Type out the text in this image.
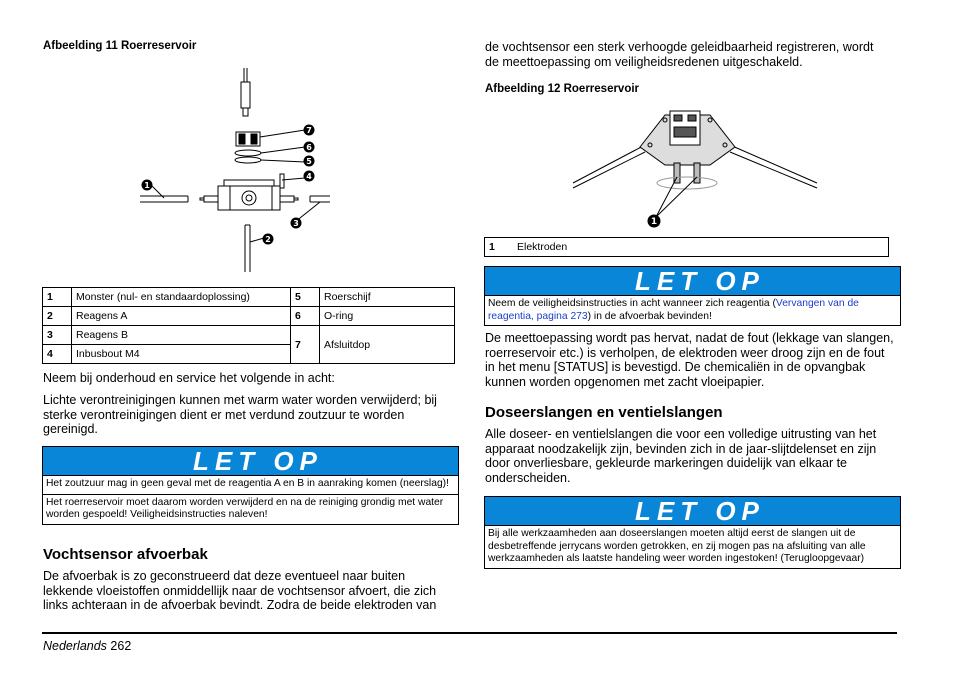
Afbeelding 11 Roerreservoir
7
6
5
4
1
3
2
1	Monster (nul- en standaardoplossing)	5	Roerschijf
2	Reagens A	6	O-ring
3	Reagens B	7	Afsluitdop
4	Inbusbout M4		
Neem bij onderhoud en service het volgende in acht:
Lichte verontreinigingen kunnen met warm water worden verwijderd; bij sterke verontreinigingen dient er met verdund zoutzuur te worden gereinigd.
LET OP
Het zoutzuur mag in geen geval met de reagentia A en B in aanraking komen (neerslag)!
Het roerreservoir moet daarom worden verwijderd en na de reiniging grondig met water worden gespoeld! Veiligheidsinstructies naleven!
Vochtsensor afvoerbak
De afvoerbak is zo geconstrueerd dat deze eventueel naar buiten lekkende vloeistoffen onmiddellijk naar de vochtsensor afvoert, die zich links achteraan in de afvoerbak bevindt. Zodra de beide elektroden van
de vochtsensor een sterk verhoogde geleidbaarheid registreren, wordt de meettoepassing om veiligheidsredenen uitgeschakeld.
Afbeelding 12 Roerreservoir
1
1	Elektroden
LET OP
Neem de veiligheidsinstructies in acht wanneer zich reagentia (Vervangen van de reagentia, pagina 273) in de afvoerbak bevinden!
De meettoepassing wordt pas hervat, nadat de fout (lekkage van slangen, roerreservoir etc.) is verholpen, de elektroden weer droog zijn en de fout in het menu [STATUS] is bevestigd. De chemicaliën in de opvangbak kunnen worden opgenomen met zacht vloeipapier.
Doseerslangen en ventielslangen
Alle doseer- en ventielslangen die voor een volledige uitrusting van het apparaat noodzakelijk zijn, bevinden zich in de jaar-slijtdelenset en zijn door onverliesbare, gekleurde markeringen duidelijk van elkaar te onderscheiden.
LET OP
Bij alle werkzaamheden aan doseerslangen moeten altijd eerst de slangen uit de desbetreffende jerrycans worden getrokken, en zij mogen pas na afsluiting van alle werkzaamheden als laatste handeling weer worden ingestoken! (Terugloopgevaar)
Nederlands 262
